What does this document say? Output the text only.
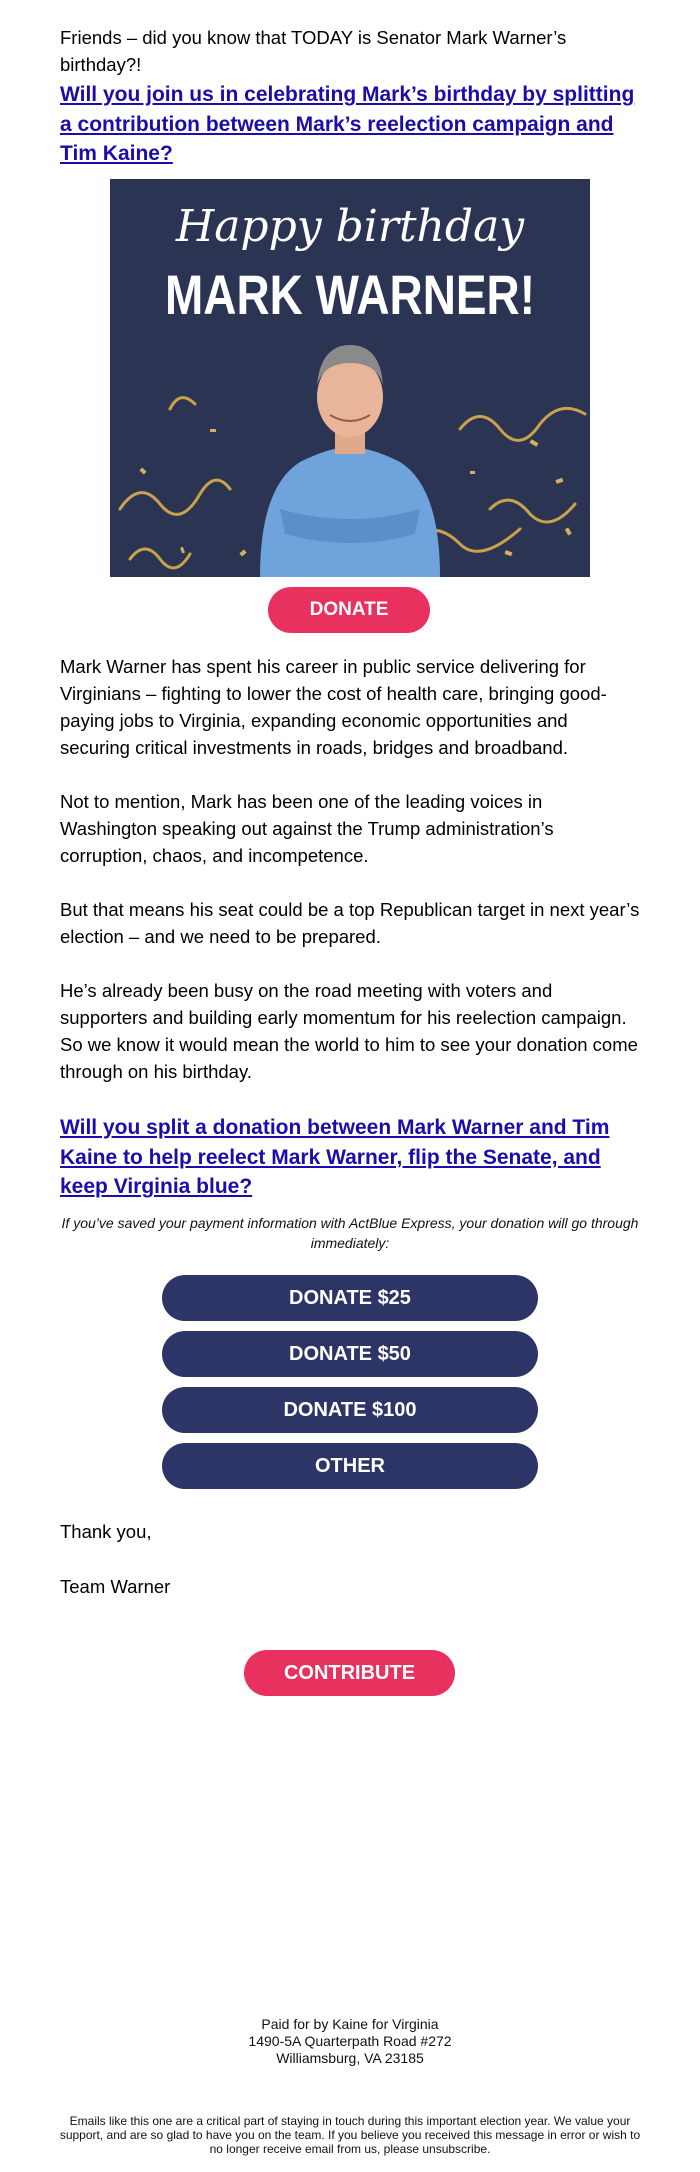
Friends – did you know that TODAY is Senator Mark Warner’s birthday?!

Will you join us in celebrating Mark’s birthday by splitting a contribution between Mark’s reelection campaign and Tim Kaine?
Happy birthday
MARK WARNER!
DONATE

Mark Warner has spent his career in public service delivering for Virginians – fighting to lower the cost of health care, bringing good-paying jobs to Virginia, expanding economic opportunities and securing critical investments in roads, bridges and broadband.

Not to mention, Mark has been one of the leading voices in Washington speaking out against the Trump administration’s corruption, chaos, and incompetence.

But that means his seat could be a top Republican target in next year’s election – and we need to be prepared.

He’s already been busy on the road meeting with voters and supporters and building early momentum for his reelection campaign. So we know it would mean the world to him to see your donation come through on his birthday.

Will you split a donation between Mark Warner and Tim Kaine to help reelect Mark Warner, flip the Senate, and keep Virginia blue?
If you’ve saved your payment information with ActBlue Express, your donation will go through immediately:
DONATE $25
DONATE $50
DONATE $100
OTHER

Thank you,

Team Warner

CONTRIBUTE
Paid for by Kaine for Virginia
1490-5A Quarterpath Road #272
Williamsburg, VA 23185
Emails like this one are a critical part of staying in touch during this important election year. We value your support, and are so glad to have you on the team. If you believe you received this message in error or wish to no longer receive email from us, please unsubscribe.
